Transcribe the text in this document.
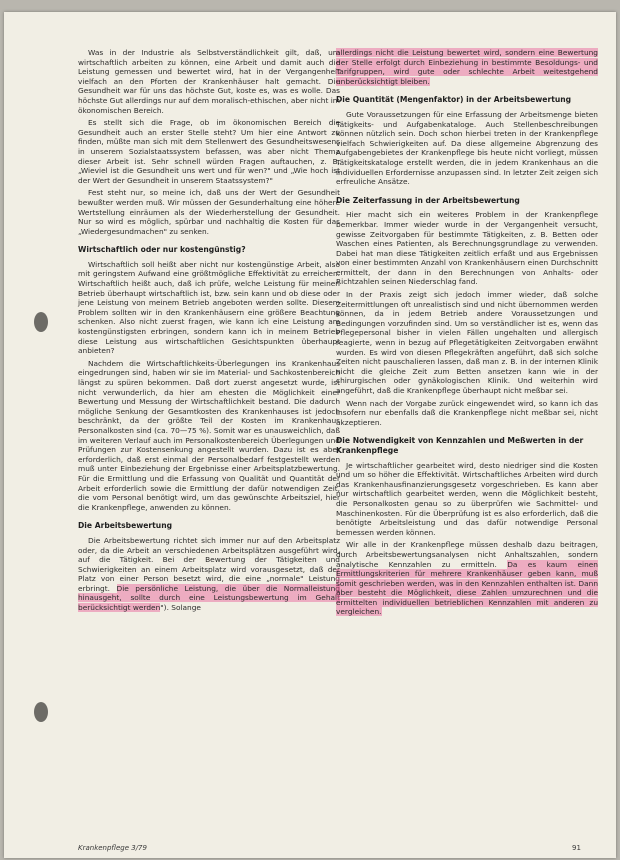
Was in der Industrie als Selbstverständlichkeit gilt, daß, um wirtschaftlich arbeiten zu können, eine Arbeit und damit auch die Leistung gemessen und bewertet wird, hat in der Vergangenheit vielfach an den Pforten der Krankenhäuser halt gemacht. Die Gesundheit war für uns das höchste Gut, koste es, was es wolle. Das höchste Gut allerdings nur auf dem moralisch-ethischen, aber nicht im ökonomischen Bereich.

Es stellt sich die Frage, ob im ökonomischen Bereich die Gesundheit auch an erster Stelle steht? Um hier eine Antwort zu finden, müßte man sich mit dem Stellenwert des Gesundheitswesens in unserem Sozialstaatssystem befassen, was aber nicht Thema dieser Arbeit ist. Sehr schnell würden Fragen auftauchen, z. B. „Wieviel ist die Gesundheit uns wert und für wen?" und „Wie hoch ist der Wert der Gesundheit in unserem Staatssystem?"

Fest steht nur, so meine ich, daß uns der Wert der Gesundheit bewußter werden muß. Wir müssen der Gesunderhaltung eine höhere Wertstellung einräumen als der Wiederherstellung der Gesundheit. Nur so wird es möglich, spürbar und nachhaltig die Kosten für das „Wiedergesundmachen" zu senken.

Wirtschaftlich oder nur kostengünstig?

Wirtschaftlich soll heißt aber nicht nur kostengünstige Arbeit, also mit geringstem Aufwand eine größtmögliche Effektivität zu erreichen. Wirtschaftlich heißt auch, daß ich prüfe, welche Leistung für meinen Betrieb überhaupt wirtschaftlich ist, bzw. sein kann und ob diese oder jene Leistung von meinem Betrieb angeboten werden sollte. Diesem Problem sollten wir in den Krankenhäusern eine größere Beachtung schenken. Also nicht zuerst fragen, wie kann ich eine Leistung am kostengünstigsten erbringen, sondern kann ich in meinem Betrieb diese Leistung aus wirtschaftlichen Gesichtspunkten überhaupt anbieten?

Nachdem die Wirtschaftlichkeits-Überlegungen ins Krankenhaus eingedrungen sind, haben wir sie im Material- und Sachkostenbereich längst zu spüren bekommen. Daß dort zuerst angesetzt wurde, ist nicht verwunderlich, da hier am ehesten die Möglichkeit einer Bewertung und Messung der Wirtschaftlichkeit bestand. Die dadurch mögliche Senkung der Gesamtkosten des Krankenhauses ist jedoch beschränkt, da der größte Teil der Kosten im Krankenhaus Personalkosten sind (ca. 70—75 %). Somit war es unausweichlich, daß im weiteren Verlauf auch im Personalkostenbereich Überlegungen und Prüfungen zur Kostensenkung angestellt wurden. Dazu ist es aber erforderlich, daß erst einmal der Personalbedarf festgestellt werden muß unter Einbeziehung der Ergebnisse einer Arbeitsplatzbewertung. Für die Ermittlung und die Erfassung von Qualität und Quantität der Arbeit erforderlich sowie die Ermittlung der dafür notwendigen Zeit, die vom Personal benötigt wird, um das gewünschte Arbeitsziel, hier die Krankenpflege, anwenden zu können.

Die Arbeitsbewertung

Die Arbeitsbewertung richtet sich immer nur auf den Arbeitsplatz oder, da die Arbeit an verschiedenen Arbeitsplätzen ausgeführt wird, auf die Tätigkeit. Bei der Bewertung der Tätigkeiten und Schwierigkeiten an einem Arbeitsplatz wird vorausgesetzt, daß der Platz von einer Person besetzt wird, die eine „normale" Leistung erbringt. Die persönliche Leistung, die über die Normalleistung hinausgeht, sollte durch eine Leistungsbewertung im Gehalt berücksichtigt werden"). Solange

allerdings nicht die Leistung bewertet wird, sondern eine Bewertung der Stelle erfolgt durch Einbeziehung in bestimmte Besoldungs- und Tarifgruppen, wird gute oder schlechte Arbeit weitestgehend unberücksichtigt bleiben.

Die Quantität (Mengenfaktor) in der Arbeitsbewertung

Gute Voraussetzungen für eine Erfassung der Arbeitsmenge bieten Tätigkeits- und Aufgabenkataloge. Auch Stellenbeschreibungen können nützlich sein. Doch schon hierbei treten in der Krankenpflege vielfach Schwierigkeiten auf. Da diese allgemeine Abgrenzung des Aufgabengebietes der Krankenpflege bis heute nicht vorliegt, müssen Tätigkeitskataloge erstellt werden, die in jedem Krankenhaus an die individuellen Erfordernisse anzupassen sind. In letzter Zeit zeigen sich erfreuliche Ansätze.

Die Zeiterfassung in der Arbeitsbewertung

Hier macht sich ein weiteres Problem in der Krankenpflege bemerkbar. Immer wieder wurde in der Vergangenheit versucht, gewisse Zeitvorgaben für bestimmte Tätigkeiten, z. B. Betten oder Waschen eines Patienten, als Berechnungsgrundlage zu verwenden. Dabei hat man diese Tätigkeiten zeitlich erfaßt und aus Ergebnissen von einer bestimmten Anzahl von Krankenhäusern einen Durchschnitt ermittelt, der dann in den Berechnungen von Anhalts- oder Richtzahlen seinen Niederschlag fand.

In der Praxis zeigt sich jedoch immer wieder, daß solche Zeitermittlungen oft unrealistisch sind und nicht übernommen werden können, da in jedem Betrieb andere Voraussetzungen und Bedingungen vorzufinden sind. Um so verständlicher ist es, wenn das Pflegepersonal bisher in vielen Fällen ungehalten und allergisch reagierte, wenn in bezug auf Pflegetätigkeiten Zeitvorgaben erwähnt wurden. Es wird von diesen Pflegekräften angeführt, daß sich solche Zeiten nicht pauschalieren lassen, daß man z. B. in der internen Klinik nicht die gleiche Zeit zum Betten ansetzen kann wie in der chirurgischen oder gynäkologischen Klinik. Und weiterhin wird angeführt, daß die Krankenpflege überhaupt nicht meßbar sei.

Wenn nach der Vorgabe zurück eingewendet wird, so kann ich das insofern nur ebenfalls daß die Krankenpflege nicht meßbar sei, nicht akzeptieren.

Die Notwendigkeit von Kennzahlen und Meßwerten in der Krankenpflege

Je wirtschaftlicher gearbeitet wird, desto niedriger sind die Kosten und um so höher die Effektivität. Wirtschaftliches Arbeiten wird durch das Krankenhausfinanzierungsgesetz vorgeschrieben. Es kann aber nur wirtschaftlich gearbeitet werden, wenn die Möglichkeit besteht, die Personalkosten genau so zu überprüfen wie Sachmittel- und Maschinenkosten. Für die Überprüfung ist es also erforderlich, daß die benötigte Arbeitsleistung und das dafür notwendige Personal bemessen werden können.

Wir alle in der Krankenpflege müssen deshalb dazu beitragen, durch Arbeitsbewertungsanalysen nicht Anhaltszahlen, sondern analytische Kennzahlen zu ermitteln. Da es kaum einen Ermittlungskriterien für mehrere Krankenhäuser geben kann, muß somit geschrieben werden, was in den Kennzahlen enthalten ist. Dann aber besteht die Möglichkeit, diese Zahlen umzurechnen und die ermittelten individuellen betrieblichen Kennzahlen mit anderen zu vergleichen.

Krankenpflege 3/79	91
